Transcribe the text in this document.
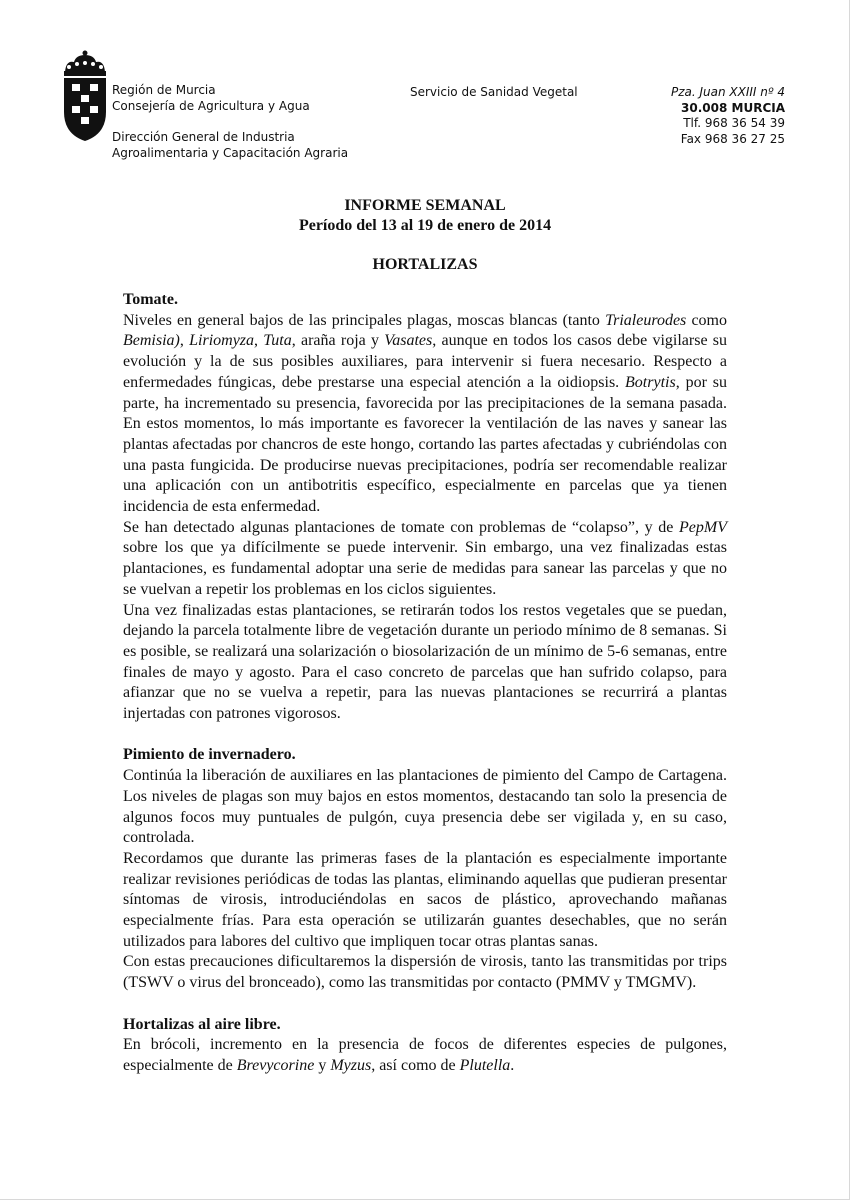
Región de Murcia
Consejería de Agricultura y Agua
Dirección General de Industria
Agroalimentaria y Capacitación Agraria
Servicio de Sanidad Vegetal	Pza. Juan XXIII nº 4
30.008 MURCIA
Tlf. 968 36 54 39
Fax 968 36 27 25
INFORME SEMANAL
Período del 13 al 19 de enero de 2014
HORTALIZAS
Tomate.

Niveles en general bajos de las principales plagas, moscas blancas (tanto Trialeurodes como Bemisia), Liriomyza, Tuta, araña roja y Vasates, aunque en todos los casos debe vigilarse su evolución y la de sus posibles auxiliares, para intervenir si fuera necesario. Respecto a enfermedades fúngicas, debe prestarse una especial atención a la oidiopsis. Botrytis, por su parte, ha incrementado su presencia, favorecida por las precipitaciones de la semana pasada. En estos momentos, lo más importante es favorecer la ventilación de las naves y sanear las plantas afectadas por chancros de este hongo, cortando las partes afectadas y cubriéndolas con una pasta fungicida. De producirse nuevas precipitaciones, podría ser recomendable realizar una aplicación con un antibotritis específico, especialmente en parcelas que ya tienen incidencia de esta enfermedad.

Se han detectado algunas plantaciones de tomate con problemas de “colapso”, y de PepMV sobre los que ya difícilmente se puede intervenir. Sin embargo, una vez finalizadas estas plantaciones, es fundamental adoptar una serie de medidas para sanear las parcelas y que no se vuelvan a repetir los problemas en los ciclos siguientes.

Una vez finalizadas estas plantaciones, se retirarán todos los restos vegetales que se puedan, dejando la parcela totalmente libre de vegetación durante un periodo mínimo de 8 semanas. Si es posible, se realizará una solarización o biosolarización de un mínimo de 5-6 semanas, entre finales de mayo y agosto. Para el caso concreto de parcelas que han sufrido colapso, para afianzar que no se vuelva a repetir, para las nuevas plantaciones se recurrirá a plantas injertadas con patrones vigorosos.

Pimiento de invernadero.

Continúa la liberación de auxiliares en las plantaciones de pimiento del Campo de Cartagena. Los niveles de plagas son muy bajos en estos momentos, destacando tan solo la presencia de algunos focos muy puntuales de pulgón, cuya presencia debe ser vigilada y, en su caso, controlada.

Recordamos que durante las primeras fases de la plantación es especialmente importante realizar revisiones periódicas de todas las plantas, eliminando aquellas que pudieran presentar síntomas de virosis, introduciéndolas en sacos de plástico, aprovechando mañanas especialmente frías. Para esta operación se utilizarán guantes desechables, que no serán utilizados para labores del cultivo que impliquen tocar otras plantas sanas.

Con estas precauciones dificultaremos la dispersión de virosis, tanto las transmitidas por trips (TSWV o virus del bronceado), como las transmitidas por contacto (PMMV y TMGMV).

Hortalizas al aire libre.

En brócoli, incremento en la presencia de focos de diferentes especies de pulgones, especialmente de Brevycorine y Myzus, así como de Plutella.
